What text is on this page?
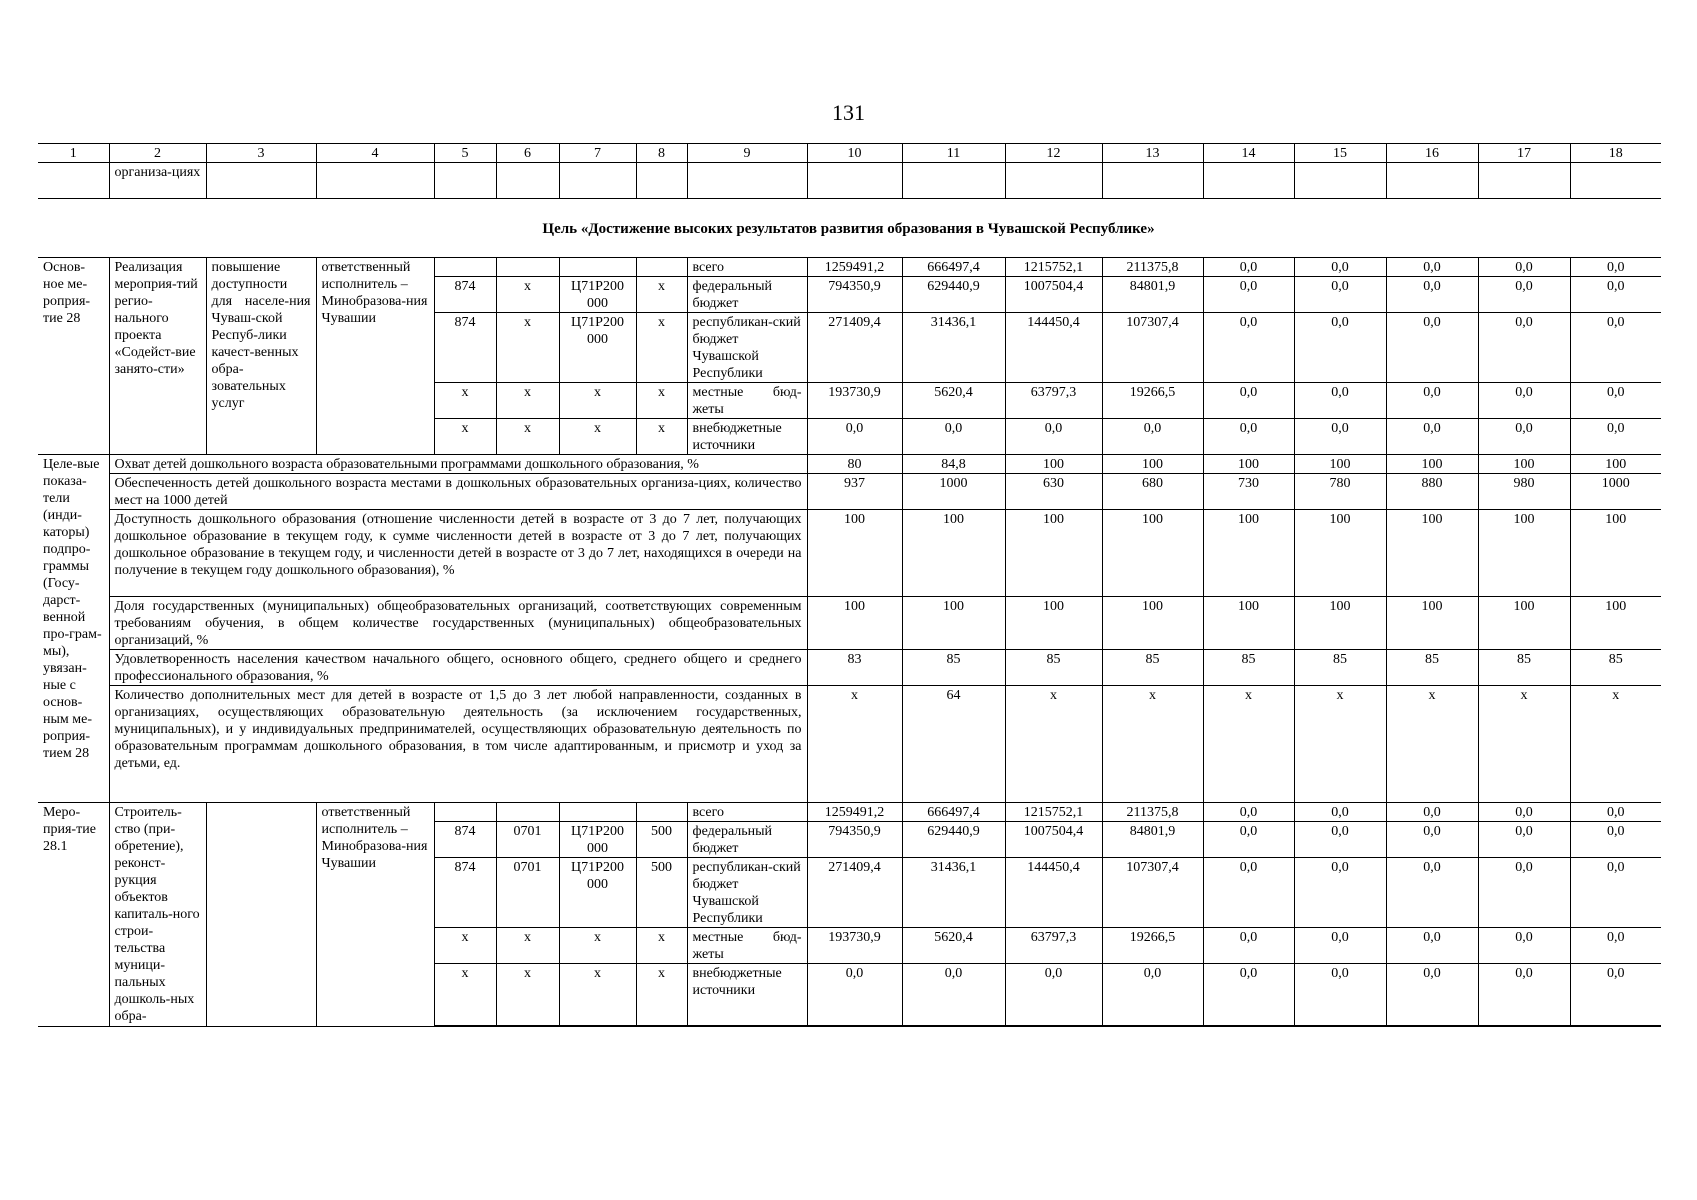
131
1	2	3	4	5	6	7	8	9	10	11	12	13	14	15	16	17	18
	организа-циях																
Цель «Достижение высоких результатов развития образования в Чувашской Республике»
Основ-ное ме-роприя-тие 28	Реализация мероприя-тий регио-нального проекта «Содейст-вие занято-сти»	повышение доступности для населе-ния Чуваш-ской Респуб-лики качест-венных обра-зовательных услуг	ответственный исполнитель – Минобразова-ния Чувашии					всего	1259491,2	666497,4	1215752,1	211375,8	0,0	0,0	0,0	0,0	0,0
				874	х	Ц71Р200 000	х	федеральный бюджет	794350,9	629440,9	1007504,4	84801,9	0,0	0,0	0,0	0,0	0,0
				874	х	Ц71Р200 000	х	республикан-ский бюджет Чувашской Республики	271409,4	31436,1	144450,4	107307,4	0,0	0,0	0,0	0,0	0,0
				х	х	х	х	местные бюд-жеты	193730,9	5620,4	63797,3	19266,5	0,0	0,0	0,0	0,0	0,0
				х	х	х	х	внебюджетные источники	0,0	0,0	0,0	0,0	0,0	0,0	0,0	0,0	0,0
Целе-вые показа-тели (инди-каторы) подпро-граммы (Госу-дарст-венной про-грам-мы), увязан-ные с основ-ным ме-роприя-тием 28	Охват детей дошкольного возраста образовательными программами дошкольного образования, %								80	84,8	100	100	100	100	100	100	100
	Обеспеченность детей дошкольного возраста местами в дошкольных образовательных организа-циях, количество мест на 1000 детей								937	1000	630	680	730	780	880	980	1000
	Доступность дошкольного образования (отношение численности детей в возрасте от 3 до 7 лет, получающих дошкольное образование в текущем году, к сумме численности детей в возрасте от 3 до 7 лет, получающих дошкольное образование в текущем году, и численности детей в возрасте от 3 до 7 лет, находящихся в очереди на получение в текущем году дошкольного образования), %								100	100	100	100	100	100	100	100	100
	Доля государственных (муниципальных) общеобразовательных организаций, соответствующих современным требованиям обучения, в общем количестве государственных (муниципальных) общеобразовательных организаций, %								100	100	100	100	100	100	100	100	100
	Удовлетворенность населения качеством начального общего, основного общего, среднего общего и среднего профессионального образования, %								83	85	85	85	85	85	85	85	85
	Количество дополнительных мест для детей в возрасте от 1,5 до 3 лет любой направленности, созданных в организациях, осуществляющих образовательную деятельность (за исключением государственных, муниципальных), и у индивидуальных предпринимателей, осуществляющих образовательную деятельность по образовательным программам дошкольного образования, в том числе адаптированным, и присмотр и уход за детьми, ед.								х	64	х	х	х	х	х	х	х
Меро-прия-тие 28.1	Строитель-ство (при-обретение), реконст-рукция объектов капиталь-ного строи-тельства муници-пальных дошколь-ных обра-		ответственный исполнитель – Минобразова-ния Чувашии					всего	1259491,2	666497,4	1215752,1	211375,8	0,0	0,0	0,0	0,0	0,0
				874	0701	Ц71Р200 000	500	федеральный бюджет	794350,9	629440,9	1007504,4	84801,9	0,0	0,0	0,0	0,0	0,0
				874	0701	Ц71Р200 000	500	республикан-ский бюджет Чувашской Республики	271409,4	31436,1	144450,4	107307,4	0,0	0,0	0,0	0,0	0,0
				х	х	х	х	местные бюд-жеты	193730,9	5620,4	63797,3	19266,5	0,0	0,0	0,0	0,0	0,0
				х	х	х	х	внебюджетные источники	0,0	0,0	0,0	0,0	0,0	0,0	0,0	0,0	0,0
